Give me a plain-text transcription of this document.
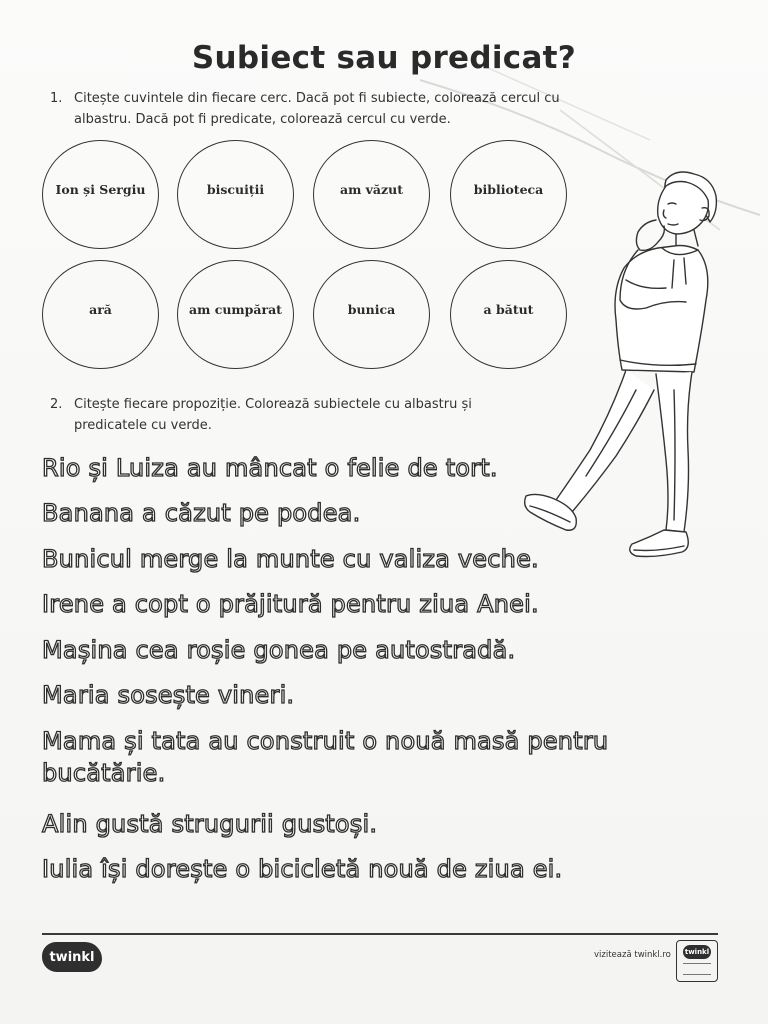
Subiect sau predicat?
1. Citește cuvintele din fiecare cerc. Dacă pot fi subiecte, colorează cercul cu albastru. Dacă pot fi predicate, colorează cercul cu verde.
Ion și Sergiu	biscuiții	am văzut	biblioteca
ară	am cumpărat	bunica	a bătut
2. Citește fiecare propoziție. Colorează subiectele cu albastru și predicatele cu verde.
Rio și Luiza au mâncat o felie de tort.
Banana a căzut pe podea.
Bunicul merge la munte cu valiza veche.
Irene a copt o prăjitură pentru ziua Anei.
Mașina cea roșie gonea pe autostradă.
Maria sosește vineri.
Mama și tata au construit o nouă masă pentru bucătărie.
Alin gustă strugurii gustoși.
Iulia își dorește o bicicletă nouă de ziua ei.
twinkl	vizitează twinkl.ro twinkl
